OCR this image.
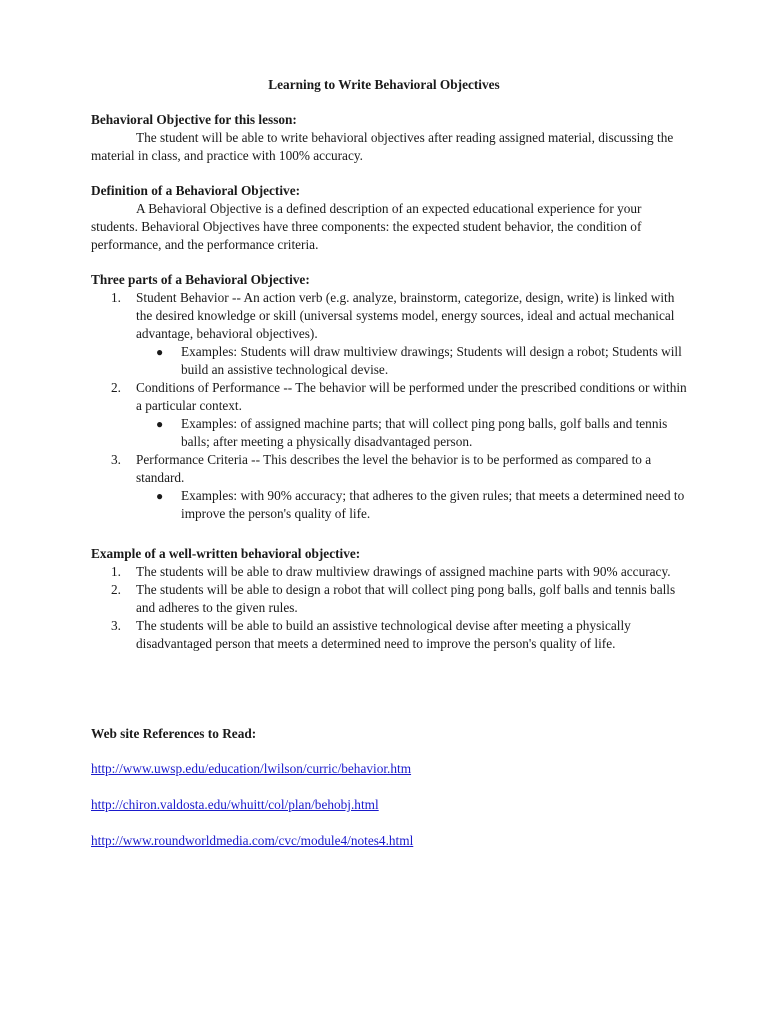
Learning to Write Behavioral Objectives
Behavioral Objective for this lesson:

The student will be able to write behavioral objectives after reading assigned material, discussing the material in class, and practice with 100% accuracy.

Definition of a Behavioral Objective:

A Behavioral Objective is a defined description of an expected educational experience for your students. Behavioral Objectives have three components: the expected student behavior, the condition of performance, and the performance criteria.

Three parts of a Behavioral Objective:
1. Student Behavior -- An action verb (e.g. analyze, brainstorm, categorize, design, write) is linked with the desired knowledge or skill (universal systems model, energy sources, ideal and actual mechanical advantage, behavioral objectives).
● Examples: Students will draw multiview drawings; Students will design a robot; Students will build an assistive technological devise.
2. Conditions of Performance -- The behavior will be performed under the prescribed conditions or within a particular context.
● Examples: of assigned machine parts; that will collect ping pong balls, golf balls and tennis balls; after meeting a physically disadvantaged person.
3. Performance Criteria -- This describes the level the behavior is to be performed as compared to a standard.
● Examples: with 90% accuracy; that adheres to the given rules; that meets a determined need to improve the person's quality of life.
Example of a well-written behavioral objective:
1. The students will be able to draw multiview drawings of assigned machine parts with 90% accuracy.
2. The students will be able to design a robot that will collect ping pong balls, golf balls and tennis balls and adheres to the given rules.
3. The students will be able to build an assistive technological devise after meeting a physically disadvantaged person that meets a determined need to improve the person's quality of life.
Web site References to Read:
http://www.uwsp.edu/education/lwilson/curric/behavior.htm
http://chiron.valdosta.edu/whuitt/col/plan/behobj.html
http://www.roundworldmedia.com/cvc/module4/notes4.html
